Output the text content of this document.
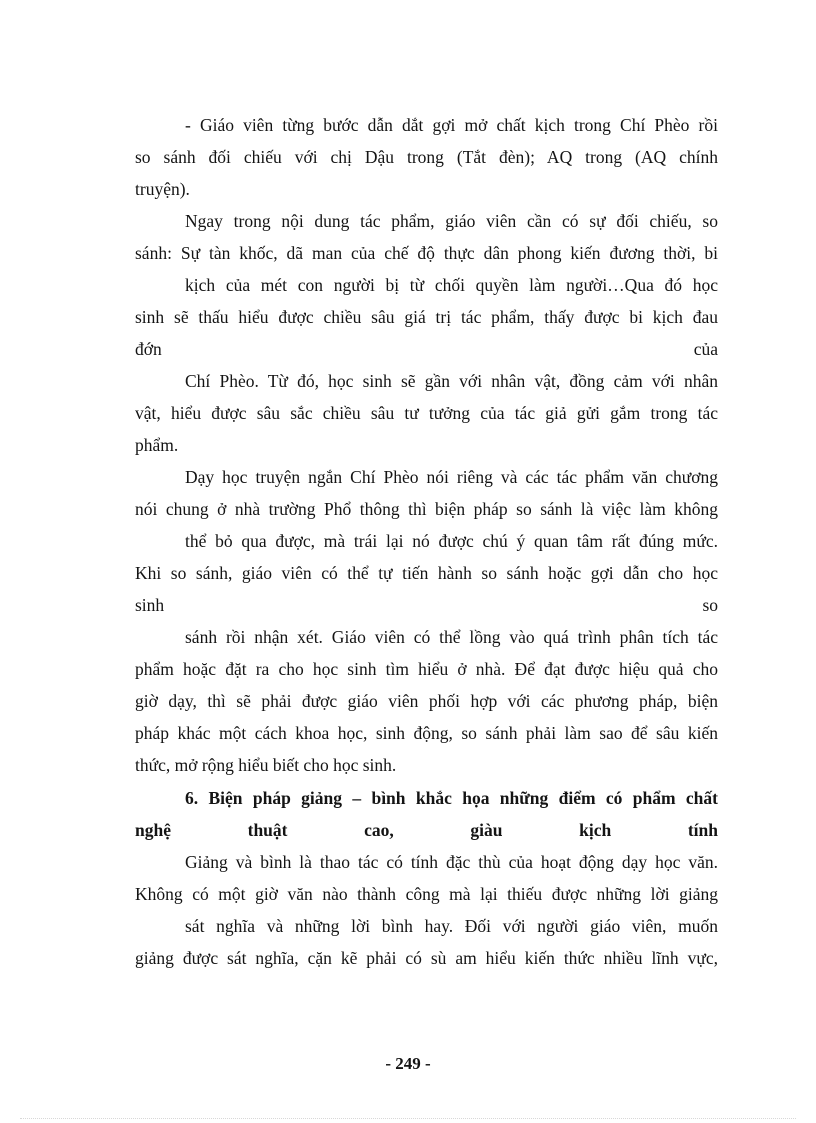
- Giáo viên từng bước dẫn dắt gợi mở chất kịch trong Chí Phèo rồi
so sánh đối chiếu với chị Dậu trong (Tắt đèn); AQ trong (AQ chính
truyện).
Ngay trong nội dung tác phẩm, giáo viên cần có sự đối chiếu, so
sánh: Sự tàn khốc, dã man của chế độ thực dân phong kiến đương thời, bi
kịch của mét con người bị từ chối quyền làm người…Qua đó học
sinh sẽ thấu hiểu được chiều sâu giá trị tác phẩm, thấy được bi kịch đau
đớn của
Chí Phèo. Từ đó, học sinh sẽ gần với nhân vật, đồng cảm với nhân
vật, hiểu được sâu sắc chiều sâu tư tưởng của tác giả gửi gắm trong tác
phẩm.
Dạy học truyện ngắn Chí Phèo nói riêng và các tác phẩm văn chương
nói chung ở nhà trường Phổ thông thì biện pháp so sánh là việc làm không
thể bỏ qua được, mà trái lại nó được chú ý quan tâm rất đúng mức.
Khi so sánh, giáo viên có thể tự tiến hành so sánh hoặc gợi dẫn cho học
sinh so
sánh rồi nhận xét. Giáo viên có thể lồng vào quá trình phân tích tác
phẩm hoặc đặt ra cho học sinh tìm hiểu ở nhà. Để đạt được hiệu quả cho
giờ dạy, thì sẽ phải được giáo viên phối hợp với các phương pháp, biện
pháp khác một cách khoa học, sinh động, so sánh phải làm sao để sâu kiến
thức, mở rộng hiểu biết cho học sinh.
6. Biện pháp giảng – bình khắc họa những điểm có phẩm chất
nghệ thuật cao, giàu kịch tính
Giảng và bình là thao tác có tính đặc thù của hoạt động dạy học văn.
Không có một giờ văn nào thành công mà lại thiếu được những lời giảng
sát nghĩa và những lời bình hay. Đối với người giáo viên, muốn
giảng được sát nghĩa, cặn kẽ phải có sù am hiểu kiến thức nhiều lĩnh vực,
- 249 -
